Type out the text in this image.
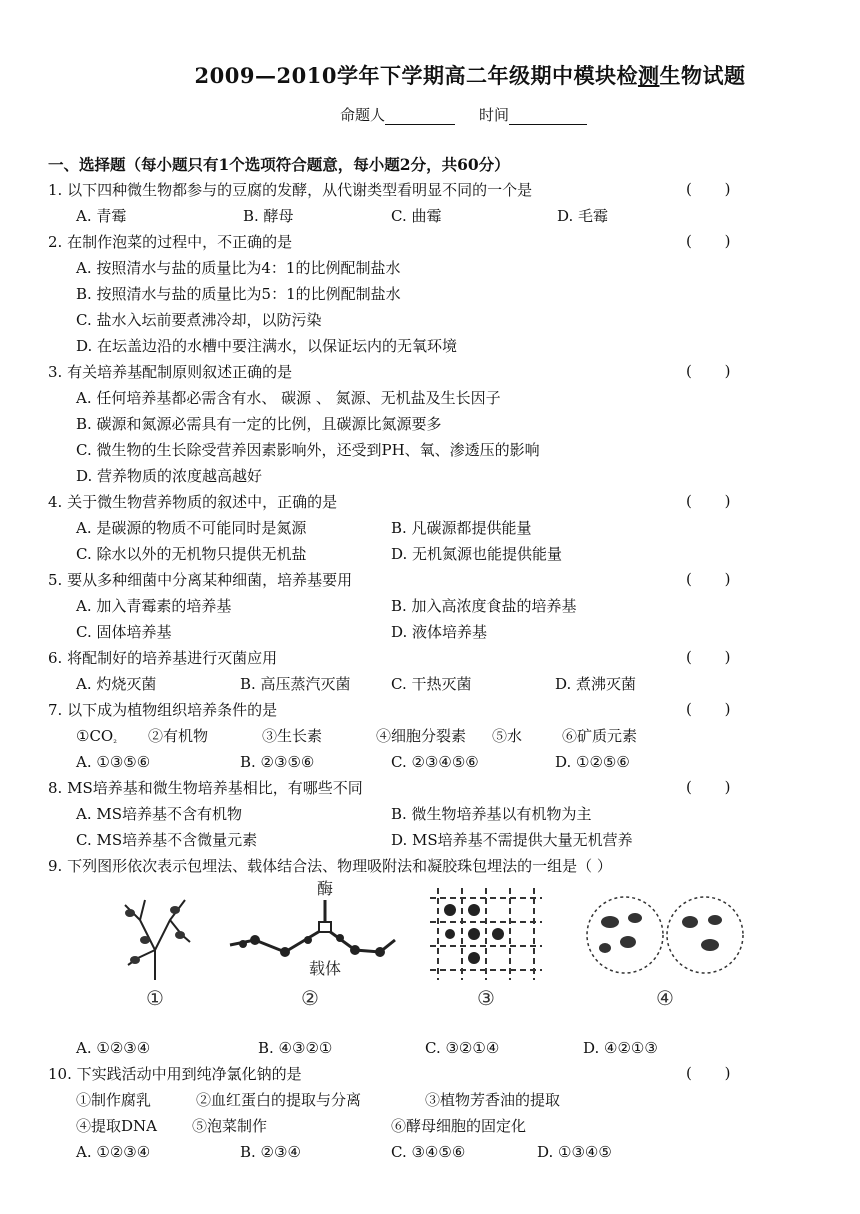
2009—2010学年下学期高二年级期中模块检测生物试题
命题人	时间
一、选择题（每小题只有1个选项符合题意，每小题2分，共60分）
1. 以下四种微生物都参与的豆腐的发酵，从代谢类型看明显不同的一个是	( )
A. 青霉	B. 酵母	C. 曲霉	D. 毛霉
2. 在制作泡菜的过程中，不正确的是	( )
A. 按照清水与盐的质量比为4：1的比例配制盐水
B. 按照清水与盐的质量比为5：1的比例配制盐水
C. 盐水入坛前要煮沸冷却，以防污染
D. 在坛盖边沿的水槽中要注满水，以保证坛内的无氧环境
3. 有关培养基配制原则叙述正确的是	( )
A. 任何培养基都必需含有水、 碳源 、 氮源、无机盐及生长因子
B. 碳源和氮源必需具有一定的比例，且碳源比氮源要多
C. 微生物的生长除受营养因素影响外，还受到PH、氧、渗透压的影响
D. 营养物质的浓度越高越好
4. 关于微生物营养物质的叙述中，正确的是	( )
A. 是碳源的物质不可能同时是氮源	B. 凡碳源都提供能量
C. 除水以外的无机物只提供无机盐	D. 无机氮源也能提供能量
5. 要从多种细菌中分离某种细菌，培养基要用	( )
A. 加入青霉素的培养基	B. 加入高浓度食盐的培养基
C. 固体培养基	D. 液体培养基
6. 将配制好的培养基进行灭菌应用	( )
A. 灼烧灭菌	B. 高压蒸汽灭菌	C. 干热灭菌	D. 煮沸灭菌
7. 以下成为植物组织培养条件的是	( )
$①CO_{_2}$ ②有机物	③生长素	④细胞分裂素 ⑤水	⑥矿质元素
A. ①③⑤⑥	B. ②③⑤⑥	C. ②③④⑤⑥	D. ①②⑤⑥
8. MS培养基和微生物培养基相比，有哪些不同	( )
A. MS培养基不含有机物	B. 微生物培养基以有机物为主
C. MS培养基不含微量元素	D. MS培养基不需提供大量无机营养
9. 下列图形依次表示包埋法、载体结合法、物理吸附法和凝胶珠包埋法的一组是（ ）
①
酶
载体
②	③	④
A. ①②③④	B. ④③②①	C. ③②①④	D. ④②①③
10. 下实践活动中用到纯净氯化钠的是	( )
①制作腐乳	②血红蛋白的提取与分离	③植物芳香油的提取
④提取DNA ⑤泡菜制作	⑥酵母细胞的固定化
A. ①②③④	B. ②③④	C. ③④⑤⑥	D. ①③④⑤
